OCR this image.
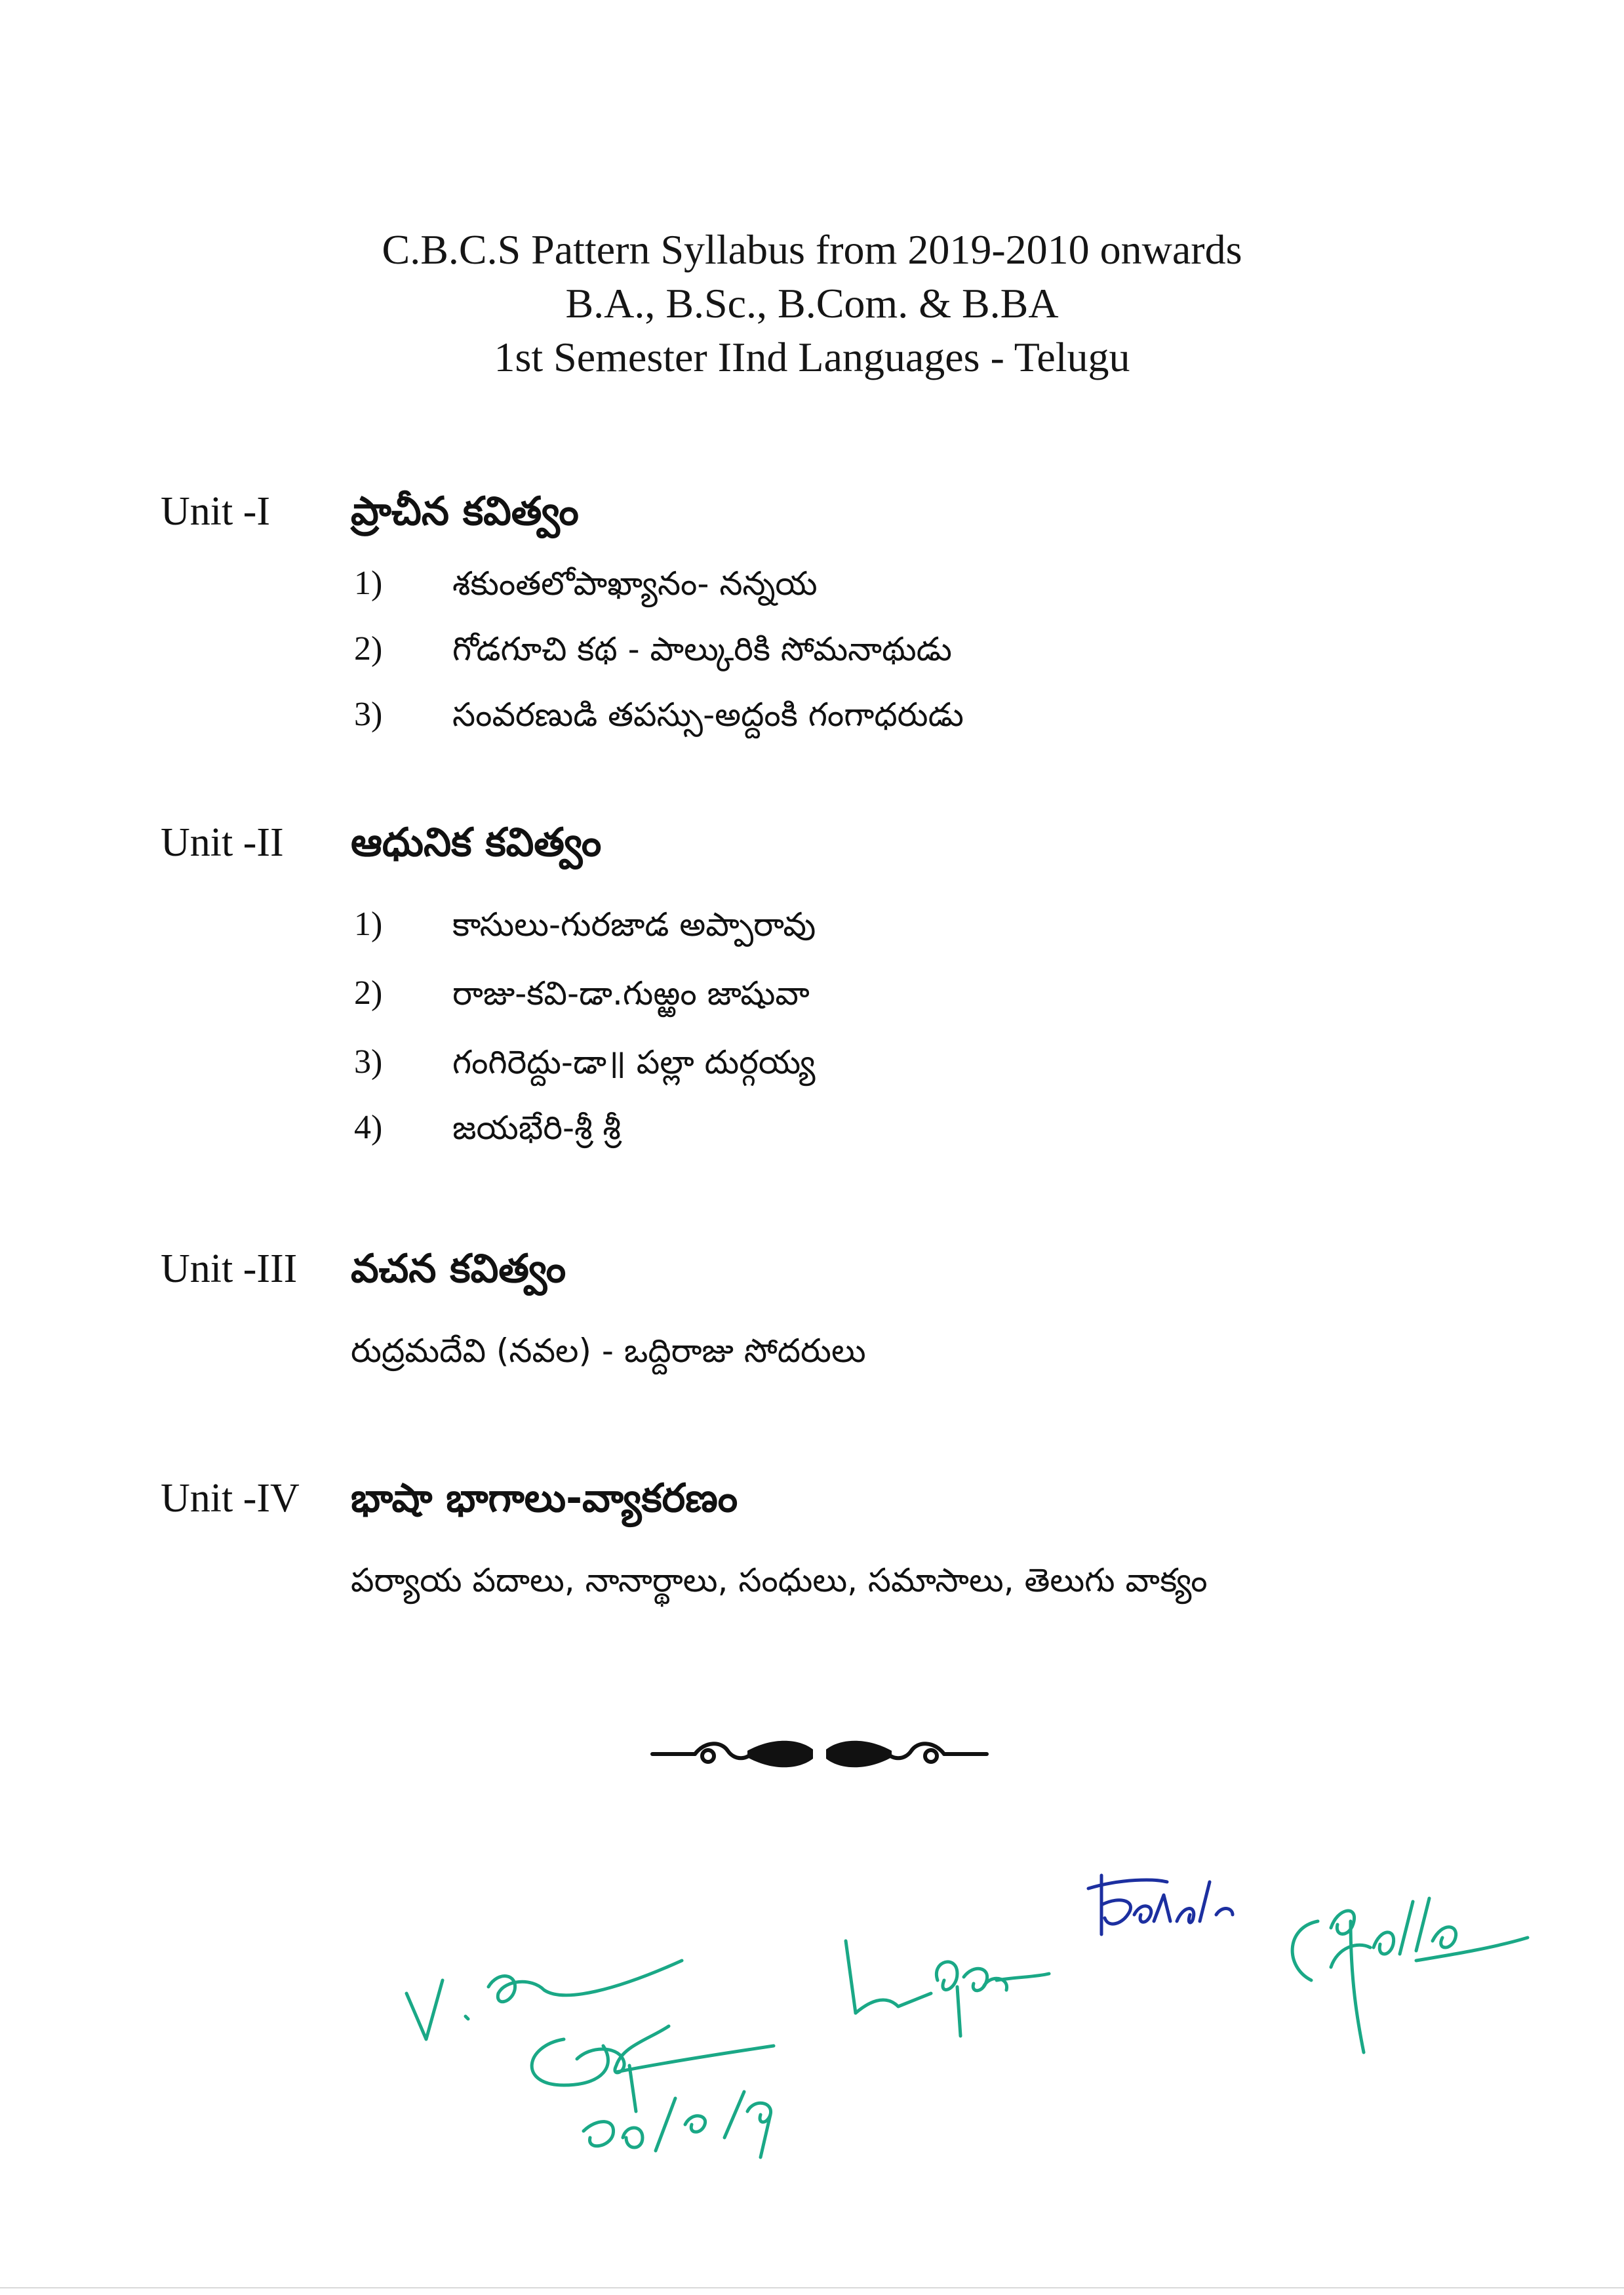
C.B.C.S Pattern Syllabus from 2019-2010 onwards
B.A., B.Sc., B.Com. & B.BA
1st Semester IInd Languages - Telugu
Unit -I ప్రాచీన కవిత్వం
1) శకుంతలోపాఖ్యానం- నన్నయ
2) గోడగూచి కథ - పాల్కురికి సోమనాథుడు
3) సంవరణుడి తపస్సు-అద్దంకి గంగాధరుడు
Unit -II ఆధునిక కవిత్వం
1) కాసులు-గురజాడ అప్పారావు
2) రాజు-కవి-డా.గుఱ్ఱం జాషువా
3) గంగిరెద్దు-డా॥ పల్లా దుర్గయ్య
4) జయభేరి-శ్రీ శ్రీ
Unit -III వచన కవిత్వం
రుద్రమదేవి (నవల) - ఒద్దిరాజు సోదరులు
Unit -IV భాషా భాగాలు-వ్యాకరణం
పర్యాయ పదాలు, నానార్థాలు, సంధులు, సమాసాలు, తెలుగు వాక్యం
